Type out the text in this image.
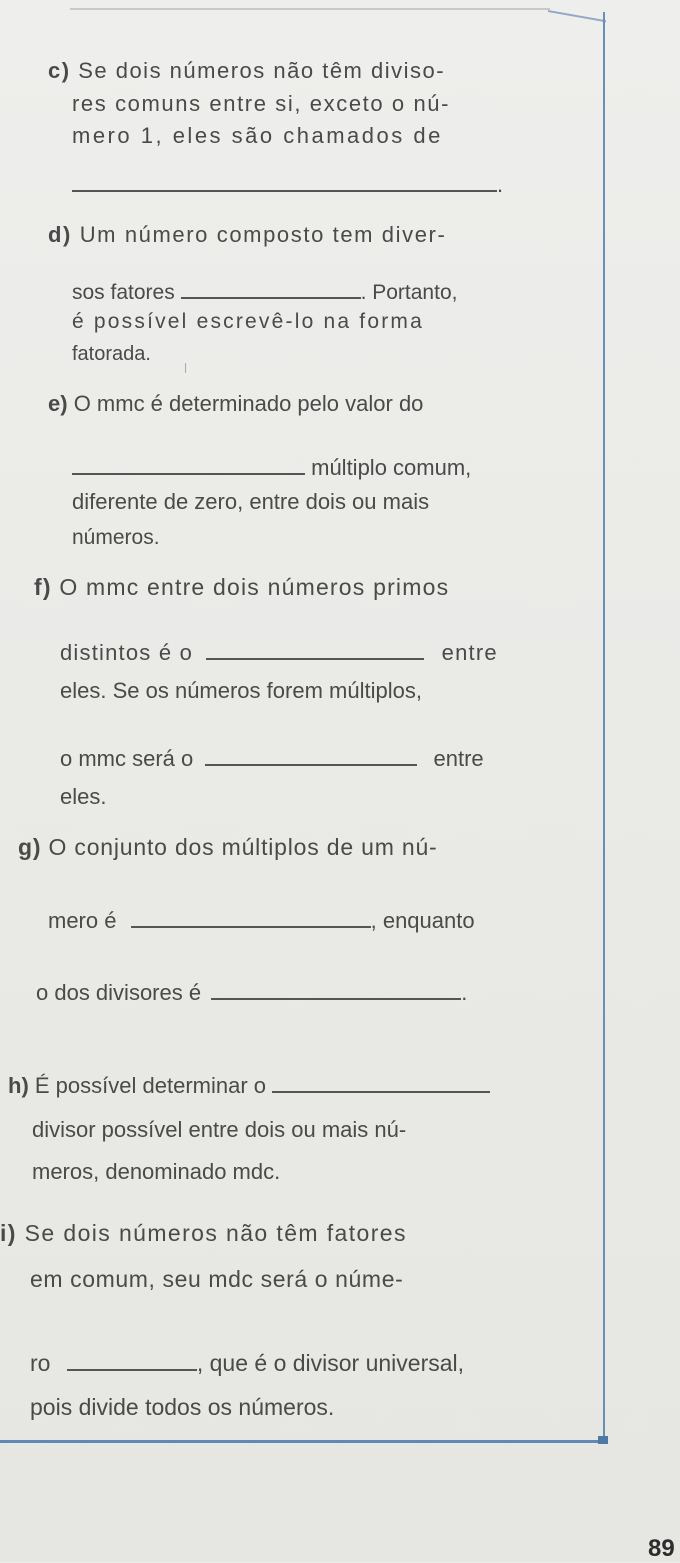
c) Se dois números não têm diviso-
res comuns entre si, exceto o nú-
mero 1, eles são chamados de
.
d) Um número composto tem diver-
sos fatores	. Portanto,
é possível escrevê-lo na forma
fatorada.
e) O mmc é determinado pelo valor do
múltiplo comum,
diferente de zero, entre dois ou mais
números.
f) O mmc entre dois números primos
distintos é o	entre
eles. Se os números forem múltiplos,
o mmc será o	entre
eles.
g) O conjunto dos múltiplos de um nú-
mero é	, enquanto
o dos divisores é	.
h) É possível determinar o
divisor possível entre dois ou mais nú-
meros, denominado mdc.
i) Se dois números não têm fatores
em comum, seu mdc será o núme-
ro	, que é o divisor universal,
pois divide todos os números.
89
